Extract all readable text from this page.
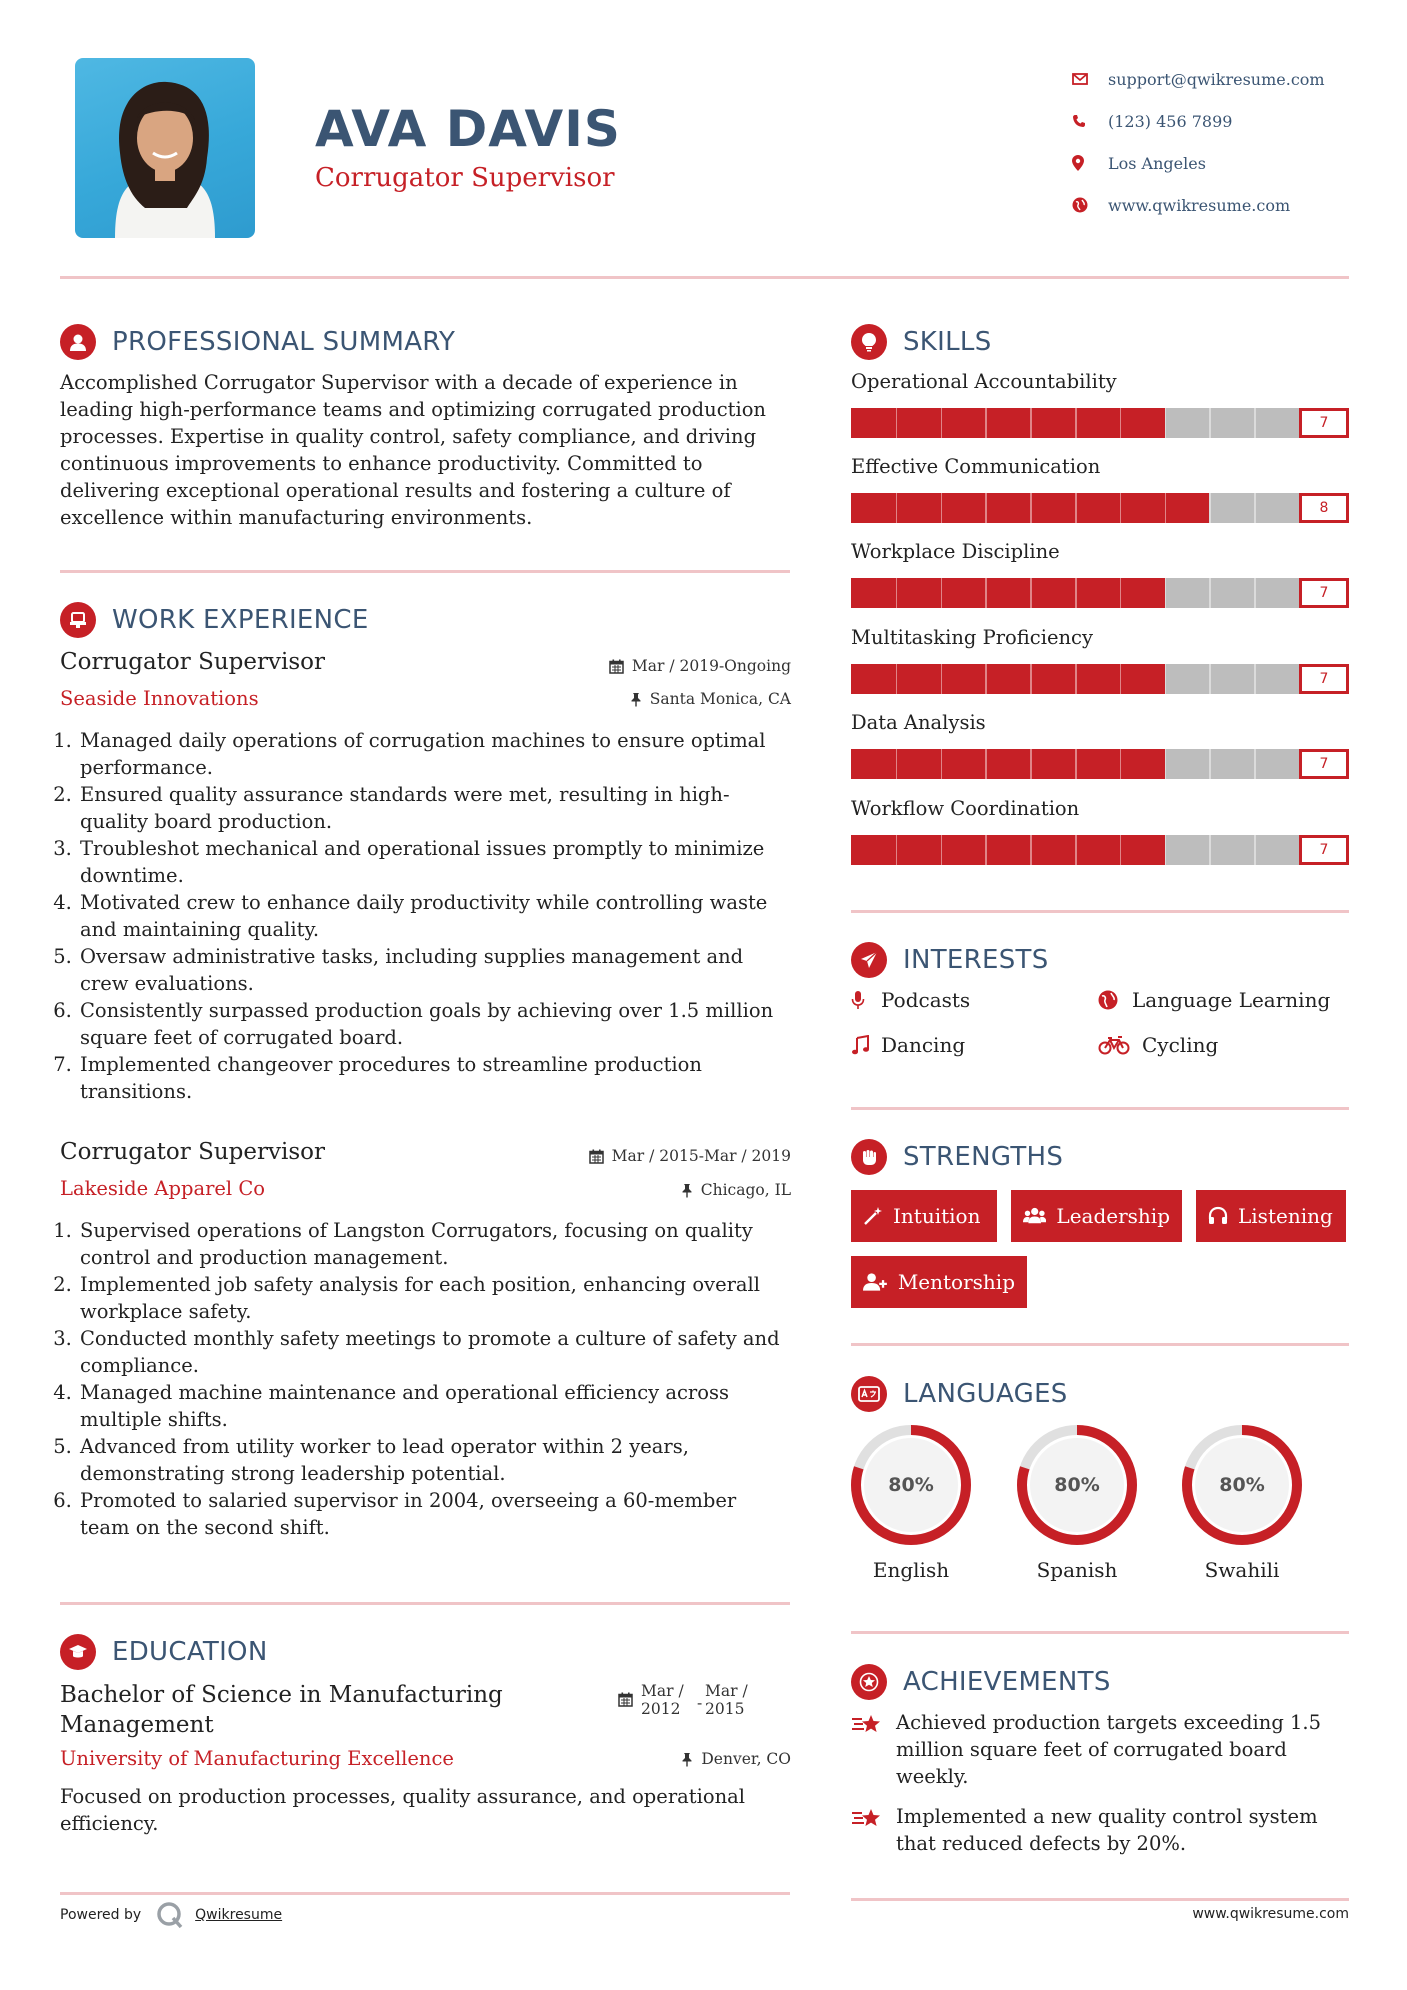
AVA DAVIS
Corrugator Supervisor
support@qwikresume.com
(123) 456 7899
Los Angeles
www.qwikresume.com
PROFESSIONAL SUMMARY
Accomplished Corrugator Supervisor with a decade of experience in
leading high-performance teams and optimizing corrugated production
processes. Expertise in quality control, safety compliance, and driving
continuous improvements to enhance productivity. Committed to
delivering exceptional operational results and fostering a culture of
excellence within manufacturing environments.
WORK EXPERIENCE
Corrugator Supervisor
Seaside Innovations
Mar / 2019-Ongoing
Santa Monica, CA
1. Managed daily operations of corrugation machines to ensure optimal performance.
2. Ensured quality assurance standards were met, resulting in high-quality board production.
3. Troubleshot mechanical and operational issues promptly to minimize downtime.
4. Motivated crew to enhance daily productivity while controlling waste and maintaining quality.
5. Oversaw administrative tasks, including supplies management and crew evaluations.
6. Consistently surpassed production goals by achieving over 1.5 million square feet of corrugated board.
7. Implemented changeover procedures to streamline production transitions.
Corrugator Supervisor
Lakeside Apparel Co
Mar / 2015-Mar / 2019
Chicago, IL
1. Supervised operations of Langston Corrugators, focusing on quality control and production management.
2. Implemented job safety analysis for each position, enhancing overall workplace safety.
3. Conducted monthly safety meetings to promote a culture of safety and compliance.
4. Managed machine maintenance and operational efficiency across multiple shifts.
5. Advanced from utility worker to lead operator within 2 years, demonstrating strong leadership potential.
6. Promoted to salaried supervisor in 2004, overseeing a 60-member team on the second shift.
EDUCATION
Bachelor of Science in Manufacturing
Management
Mar /
2012	-
Mar /
2015
University of Manufacturing Excellence	Denver, CO
Focused on production processes, quality assurance, and operational
efficiency.
SKILLS
Operational Accountability
7
Effective Communication
8
Workplace Discipline
7
Multitasking Proficiency
7
Data Analysis
7
Workflow Coordination
7
INTERESTS
Podcasts	Language Learning
Dancing	Cycling
STRENGTHS
Intuition	Leadership	Listening
Mentorship
LANGUAGES
80%
English
80%
Spanish
80%
Swahili
ACHIEVEMENTS
Achieved production targets exceeding 1.5
million square feet of corrugated board
weekly.
Implemented a new quality control system
that reduced defects by 20%.
Powered by	Qwikresume	www.qwikresume.com
